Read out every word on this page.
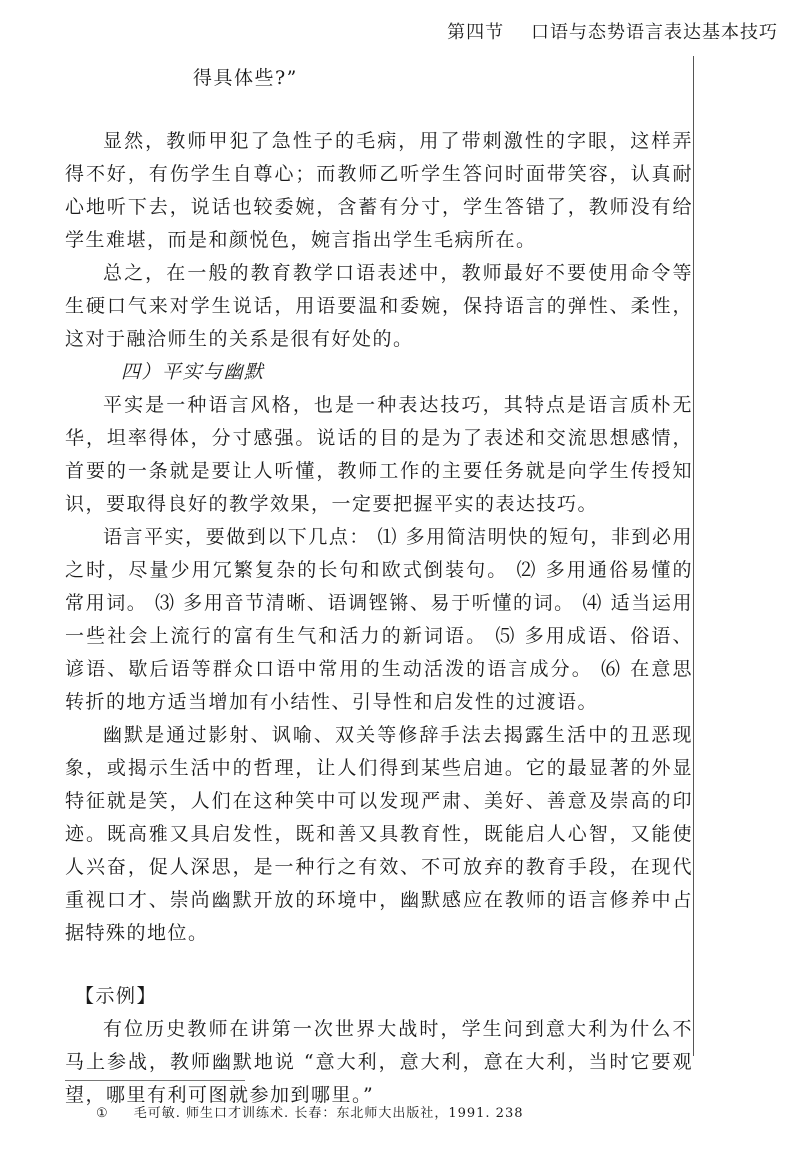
第四节 口语与态势语言表达基本技巧
得具体些?”

显然，教师甲犯了急性子的毛病，用了带刺激性的字眼，这样弄得不好，有伤学生自尊心；而教师乙听学生答问时面带笑容，认真耐心地听下去，说话也较委婉，含蓄有分寸，学生答错了，教师没有给学生难堪，而是和颜悦色，婉言指出学生毛病所在。

总之，在一般的教育教学口语表述中，教师最好不要使用命令等生硬口气来对学生说话，用语要温和委婉，保持语言的弹性、柔性，这对于融洽师生的关系是很有好处的。

四）平实与幽默

平实是一种语言风格，也是一种表达技巧，其特点是语言质朴无华，坦率得体，分寸感强。说话的目的是为了表述和交流思想感情，首要的一条就是要让人听懂，教师工作的主要任务就是向学生传授知识，要取得良好的教学效果，一定要把握平实的表达技巧。

语言平实，要做到以下几点： ⑴ 多用简洁明快的短句，非到必用之时，尽量少用冗繁复杂的长句和欧式倒装句。 ⑵ 多用通俗易懂的常用词。 ⑶ 多用音节清晰、语调铿锵、易于听懂的词。 ⑷ 适当运用一些社会上流行的富有生气和活力的新词语。 ⑸ 多用成语、俗语、谚语、歇后语等群众口语中常用的生动活泼的语言成分。 ⑹ 在意思转折的地方适当增加有小结性、引导性和启发性的过渡语。

幽默是通过影射、讽喻、双关等修辞手法去揭露生活中的丑恶现象，或揭示生活中的哲理，让人们得到某些启迪。它的最显著的外显特征就是笑，人们在这种笑中可以发现严肃、美好、善意及崇高的印迹。既高雅又具启发性，既和善又具教育性，既能启人心智，又能使人兴奋，促人深思，是一种行之有效、不可放弃的教育手段，在现代重视口才、崇尚幽默开放的环境中，幽默感应在教师的语言修养中占据特殊的地位。

【示例】

有位历史教师在讲第一次世界大战时，学生问到意大利为什么不马上参战，教师幽默地说 “意大利，意大利，意在大利，当时它要观望，哪里有利可图就参加到哪里。”

① 毛可敏. 师生口才训练术. 长春：东北师大出版社，1991. 238
